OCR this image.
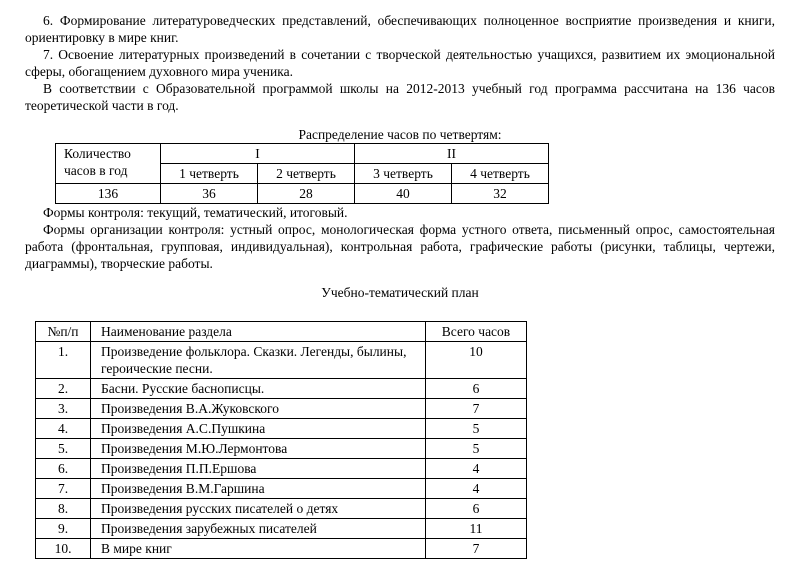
6. Формирование литературоведческих представлений, обеспечивающих полноценное восприятие произведения и книги, ориентировку в мире книг.

7. Освоение литературных произведений в сочетании с творческой деятельностью учащихся, развитием их эмоциональной сферы, обогащением духовного мира ученика.

В соответствии с Образовательной программой школы на 2012-2013 учебный год программа рассчитана на 136 часов теоретической части в год.

Распределение часов по четвертям:
Количество часов в год	I		II	
	1 четверть	2 четверть	3 четверть	4 четверть
136	36	28	40	32

Формы контроля: текущий, тематический, итоговый.

Формы организации контроля: устный опрос, монологическая форма устного ответа, письменный опрос, самостоятельная работа (фронтальная, групповая, индивидуальная), контрольная работа, графические работы (рисунки, таблицы, чертежи, диаграммы), творческие работы.

Учебно-тематический план
№п/п	Наименование раздела	Всего часов
1.	Произведение фольклора. Сказки. Легенды, былины, героические песни.	10
2.	Басни. Русские баснописцы.	6
3.	Произведения В.А.Жуковского	7
4.	Произведения А.С.Пушкина	5
5.	Произведения М.Ю.Лермонтова	5
6.	Произведения П.П.Ершова	4
7.	Произведения В.М.Гаршина	4
8.	Произведения русских писателей о детях	6
9.	Произведения зарубежных писателей	11
10.	В мире книг	7
